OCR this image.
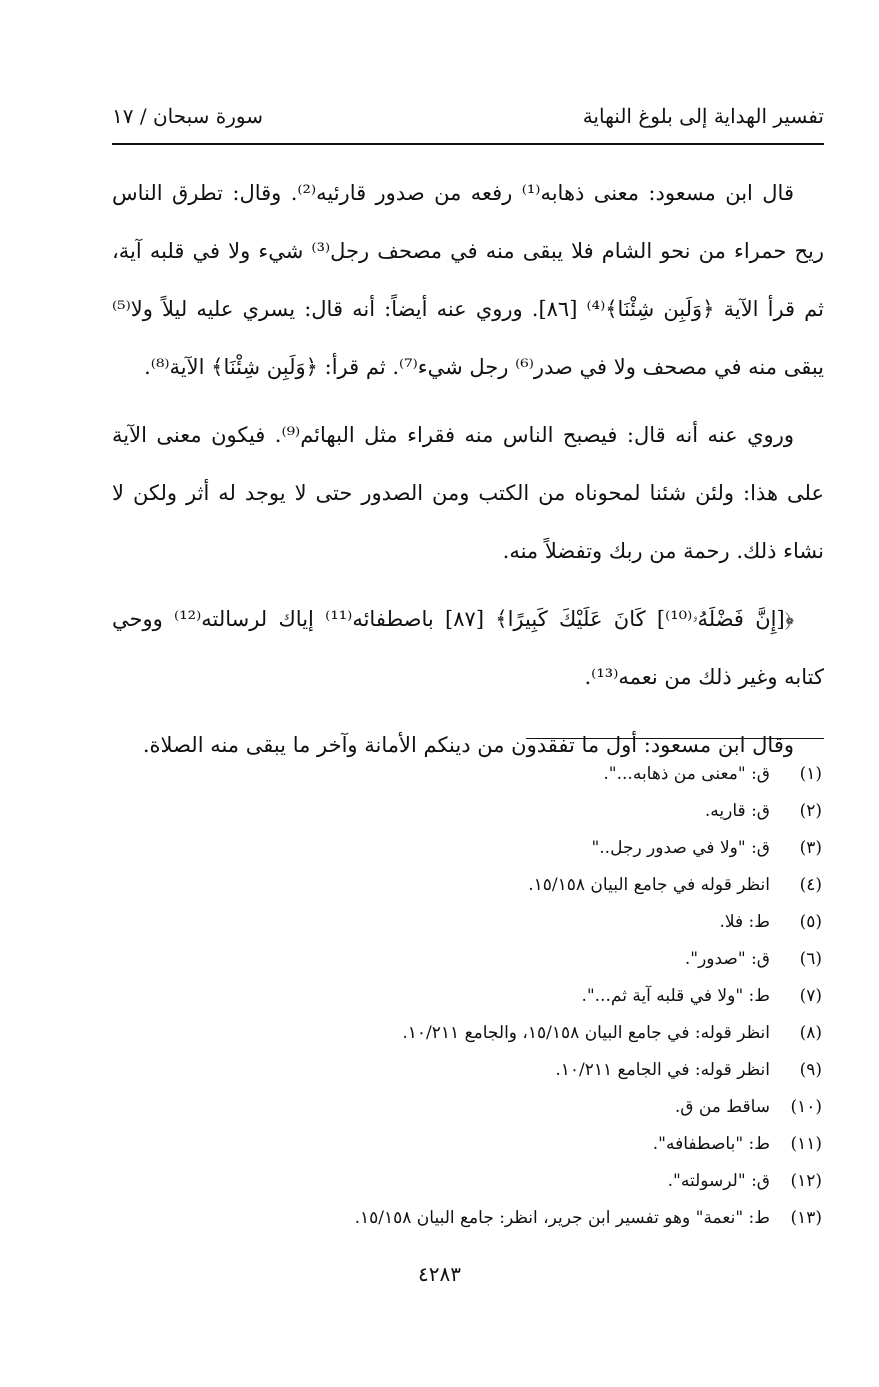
تفسير الهداية إلى بلوغ النهاية
سورة سبحان / ١٧

قال ابن مسعود: معنى ذهابه⁽¹⁾ رفعه من صدور قارئيه⁽²⁾. وقال: تطرق الناس ريح حمراء من نحو الشام فلا يبقى منه في مصحف رجل⁽³⁾ شيء ولا في قلبه آية، ثم قرأ الآية ﴿وَلَبِن شِئْنَا﴾⁽⁴⁾ [٨٦]. وروي عنه أيضاً: أنه قال: يسري عليه ليلاً ولا⁽⁵⁾ يبقى منه في مصحف ولا في صدر⁽⁶⁾ رجل شيء⁽⁷⁾. ثم قرأ: ﴿وَلَبِن شِئْنَا﴾ الآية⁽⁸⁾.

وروي عنه أنه قال: فيصبح الناس منه فقراء مثل البهائم⁽⁹⁾. فيكون معنى الآية على هذا: ولئن شئنا لمحوناه من الكتب ومن الصدور حتى لا يوجد له أثر ولكن لا نشاء ذلك. رحمة من ربك وتفضلاً منه.

﴿[إِنَّ فَضْلَهُۥ⁽¹⁰⁾] كَانَ عَلَيْكَ كَبِيرًا﴾ [٨٧] باصطفائه⁽¹¹⁾ إياك لرسالته⁽¹²⁾ ووحي كتابه وغير ذلك من نعمه⁽¹³⁾.

وقال ابن مسعود: أول ما تفقدون من دينكم الأمانة وآخر ما يبقى منه الصلاة.

(١)
ق: "معنى من ذهابه...".
(٢)
ق: قاريه.
(٣)
ق: "ولا في صدور رجل.."
(٤)
انظر قوله في جامع البيان ١٥/١٥٨.
(٥)
ط: فلا.
(٦)
ق: "صدور".
(٧)
ط: "ولا في قلبه آية ثم...".
(٨)
انظر قوله: في جامع البيان ١٥/١٥٨، والجامع ١٠/٢١١.
(٩)
انظر قوله: في الجامع ١٠/٢١١.
(١٠)
ساقط من ق.
(١١)
ط: "باصطفافه".
(١٢)
ق: "لرسولته".
(١٣)
ط: "نعمة" وهو تفسير ابن جرير، انظر: جامع البيان ١٥/١٥٨.
٤٢٨٣
